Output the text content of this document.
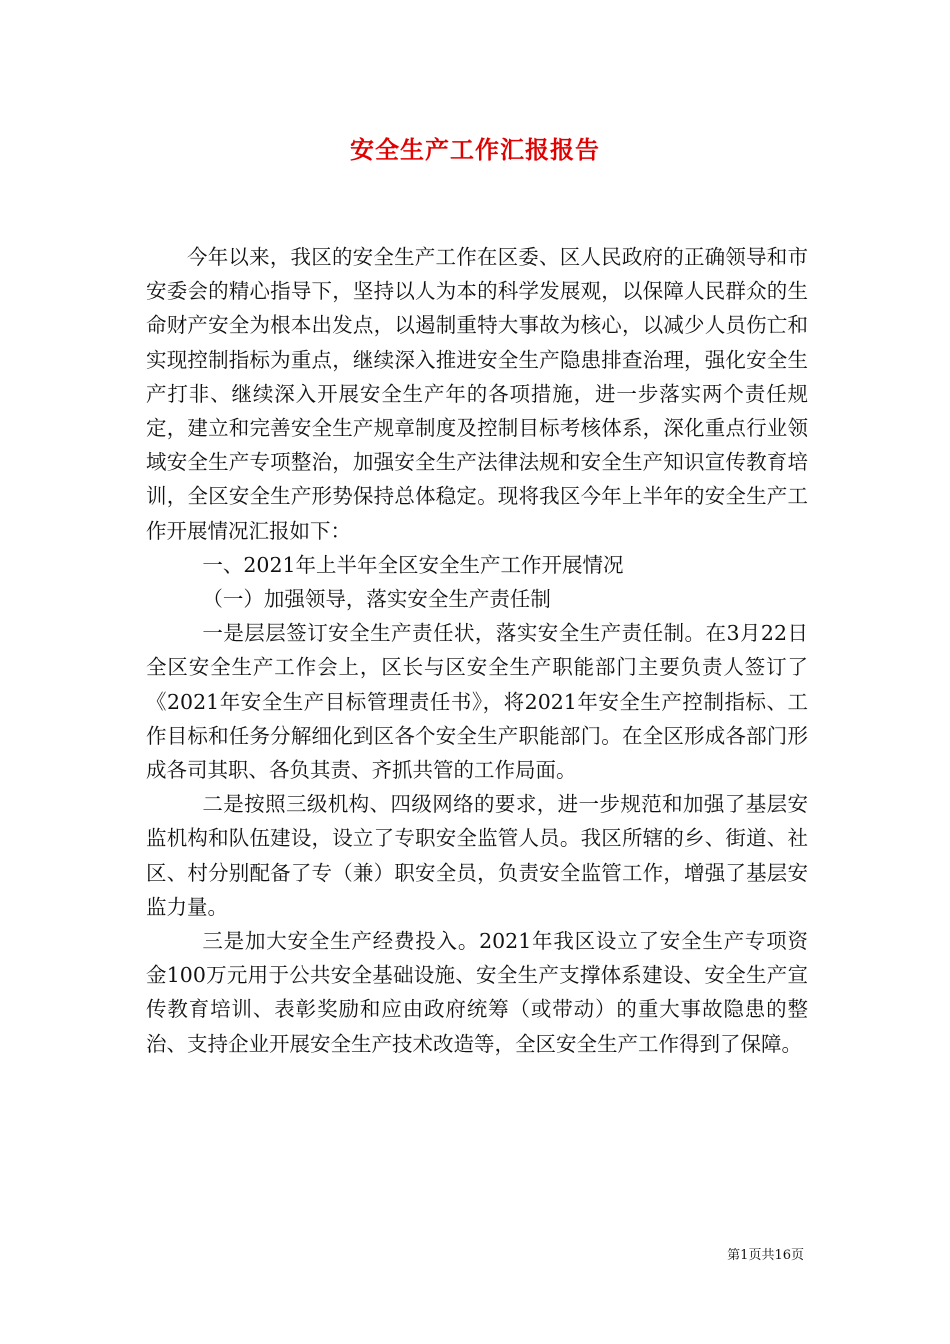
安全生产工作汇报报告

今年以来，我区的安全生产工作在区委、区人民政府的正确领导和市安委会的精心指导下，坚持以人为本的科学发展观，以保障人民群众的生命财产安全为根本出发点，以遏制重特大事故为核心，以减少人员伤亡和实现控制指标为重点，继续深入推进安全生产隐患排查治理，强化安全生产打非、继续深入开展安全生产年的各项措施，进一步落实两个责任规定，建立和完善安全生产规章制度及控制目标考核体系，深化重点行业领域安全生产专项整治，加强安全生产法律法规和安全生产知识宣传教育培训，全区安全生产形势保持总体稳定。现将我区今年上半年的安全生产工作开展情况汇报如下：

一、2021年上半年全区安全生产工作开展情况

（一）加强领导，落实安全生产责任制

一是层层签订安全生产责任状，落实安全生产责任制。在3月22日全区安全生产工作会上，区长与区安全生产职能部门主要负责人签订了《2021年安全生产目标管理责任书》，将2021年安全生产控制指标、工作目标和任务分解细化到区各个安全生产职能部门。在全区形成各部门形成各司其职、各负其责、齐抓共管的工作局面。

二是按照三级机构、四级网络的要求，进一步规范和加强了基层安监机构和队伍建设，设立了专职安全监管人员。我区所辖的乡、街道、社区、村分别配备了专（兼）职安全员，负责安全监管工作，增强了基层安监力量。

三是加大安全生产经费投入。2021年我区设立了安全生产专项资金100万元用于公共安全基础设施、安全生产支撑体系建设、安全生产宣传教育培训、表彰奖励和应由政府统筹（或带动）的重大事故隐患的整治、支持企业开展安全生产技术改造等，全区安全生产工作得到了保障。

第1页共16页
